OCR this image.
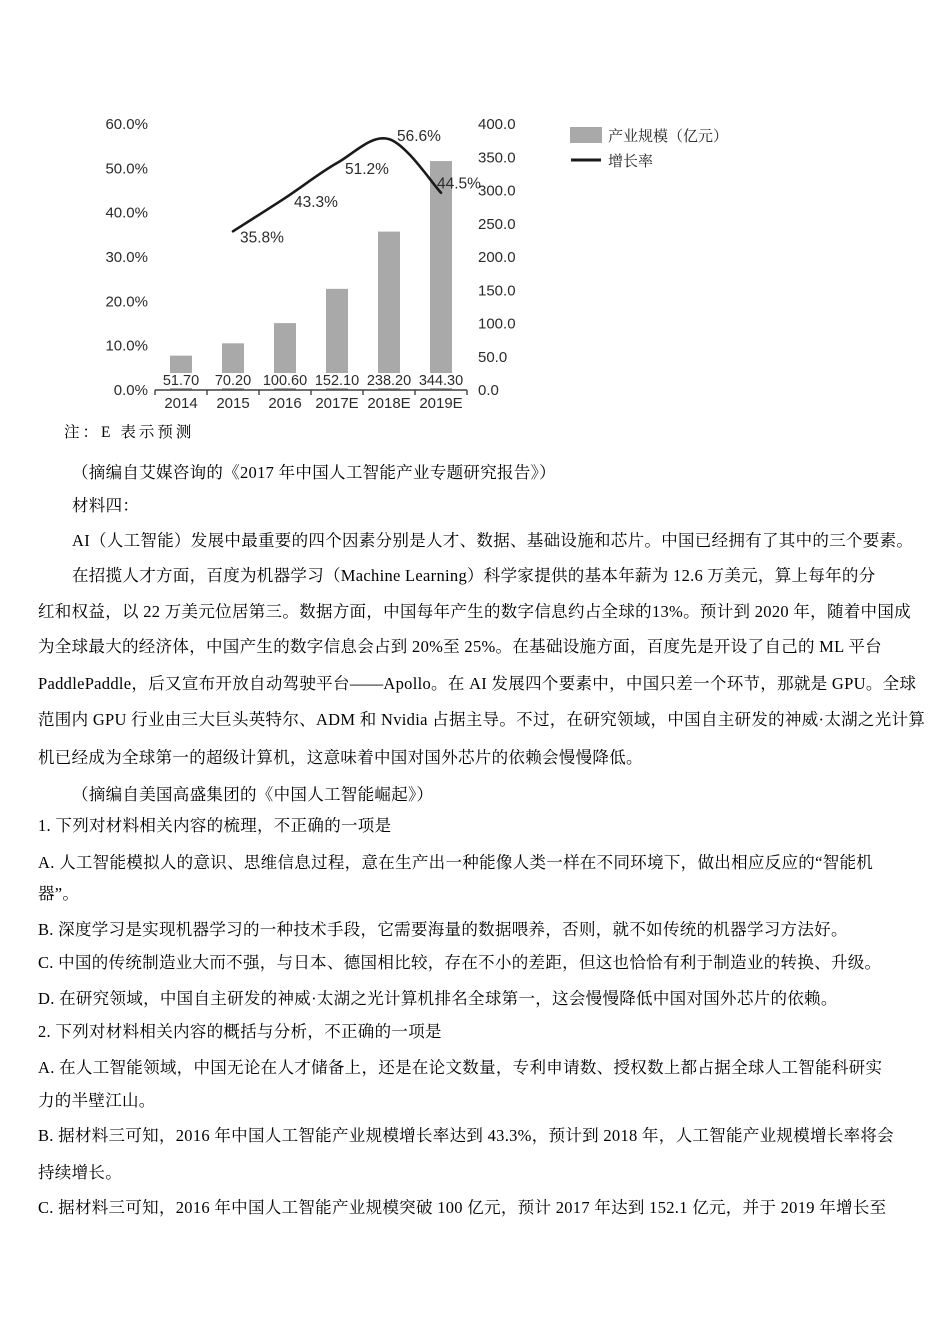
51.70 70.20 100.60 152.10 238.20 344.30
2014 2015 2016 2017E 2018E 2019E
35.8%
43.3%
51.2%
56.6%
44.5%
0.0%
10.0%
20.0%
30.0%
40.0%
50.0%
60.0%
0.0
50.0
100.0
150.0
200.0
250.0
300.0
350.0
400.0
产业规模（亿元）
增长率
注：E 表示预测
（摘编自艾媒咨询的《2017 年中国人工智能产业专题研究报告》）
材料四：
AI（人工智能）发展中最重要的四个因素分别是人才、数据、基础设施和芯片。中国已经拥有了其中的三个要素。
在招揽人才方面，百度为机器学习（Machine Learning）科学家提供的基本年薪为 12.6 万美元，算上每年的分
红和权益，以 22 万美元位居第三。数据方面，中国每年产生的数字信息约占全球的13%。预计到 2020 年，随着中国成
为全球最大的经济体，中国产生的数字信息会占到 20%至 25%。在基础设施方面，百度先是开设了自己的 ML 平台
PaddlePaddle，后又宣布开放自动驾驶平台——Apollo。在 AI 发展四个要素中，中国只差一个环节，那就是 GPU。全球
范围内 GPU 行业由三大巨头英特尔、ADM 和 Nvidia 占据主导。不过，在研究领域，中国自主研发的神威·太湖之光计算
机已经成为全球第一的超级计算机，这意味着中国对国外芯片的依赖会慢慢降低。
（摘编自美国高盛集团的《中国人工智能崛起》）
1. 下列对材料相关内容的梳理，不正确的一项是
A. 人工智能模拟人的意识、思维信息过程，意在生产出一种能像人类一样在不同环境下，做出相应反应的“智能机
器”。
B. 深度学习是实现机器学习的一种技术手段，它需要海量的数据喂养，否则，就不如传统的机器学习方法好。
C. 中国的传统制造业大而不强，与日本、德国相比较，存在不小的差距，但这也恰恰有利于制造业的转换、升级。
D. 在研究领域，中国自主研发的神威·太湖之光计算机排名全球第一，这会慢慢降低中国对国外芯片的依赖。
2. 下列对材料相关内容的概括与分析，不正确的一项是
A. 在人工智能领域，中国无论在人才储备上，还是在论文数量，专利申请数、授权数上都占据全球人工智能科研实
力的半壁江山。
B. 据材料三可知，2016 年中国人工智能产业规模增长率达到 43.3%，预计到 2018 年，人工智能产业规模增长率将会
持续增长。
C. 据材料三可知，2016 年中国人工智能产业规模突破 100 亿元，预计 2017 年达到 152.1 亿元，并于 2019 年增长至
